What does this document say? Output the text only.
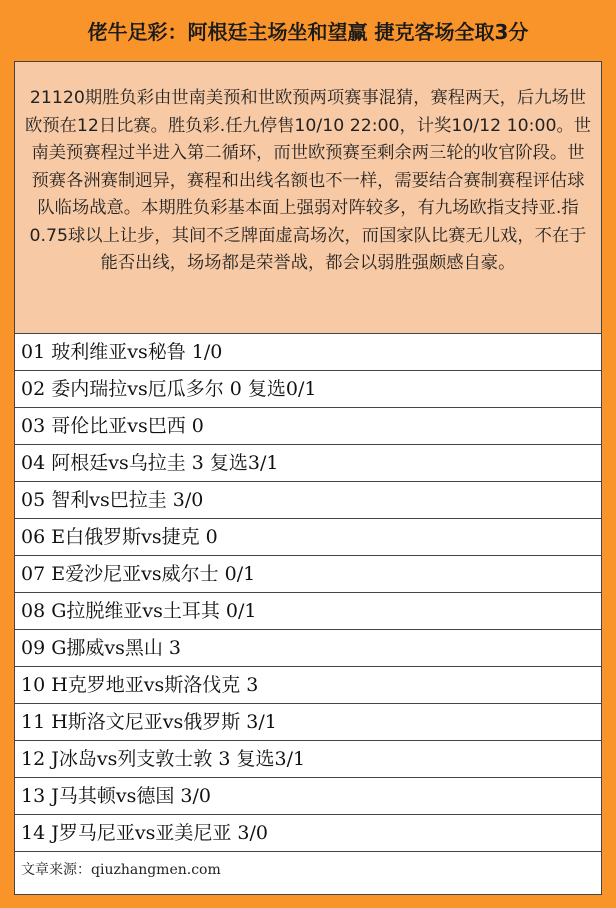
佬牛足彩：阿根廷主场坐和望赢 捷克客场全取3分
21120期胜负彩由世南美预和世欧预两项赛事混猜，赛程两天，后九场世欧预在12日比赛。胜负彩.任九停售10/10 22:00，计奖10/12 10:00。世南美预赛程过半进入第二循环，而世欧预赛至剩余两三轮的收官阶段。世预赛各洲赛制迥异，赛程和出线名额也不一样，需要结合赛制赛程评估球队临场战意。本期胜负彩基本面上强弱对阵较多，有九场欧指支持亚.指0.75球以上让步，其间不乏牌面虚高场次，而国家队比赛无儿戏，不在于能否出线，场场都是荣誉战，都会以弱胜强颇感自豪。
01 玻利维亚vs秘鲁 1/0
02 委内瑞拉vs厄瓜多尔 0 复选0/1
03 哥伦比亚vs巴西 0
04 阿根廷vs乌拉圭 3 复选3/1
05 智利vs巴拉圭 3/0
06 E白俄罗斯vs捷克 0
07 E爱沙尼亚vs威尔士 0/1
08 G拉脱维亚vs土耳其 0/1
09 G挪威vs黑山 3
10 H克罗地亚vs斯洛伐克 3
11 H斯洛文尼亚vs俄罗斯 3/1
12 J冰岛vs列支敦士敦 3 复选3/1
13 J马其顿vs德国 3/0
14 J罗马尼亚vs亚美尼亚 3/0
文章来源：qiuzhangmen.com
